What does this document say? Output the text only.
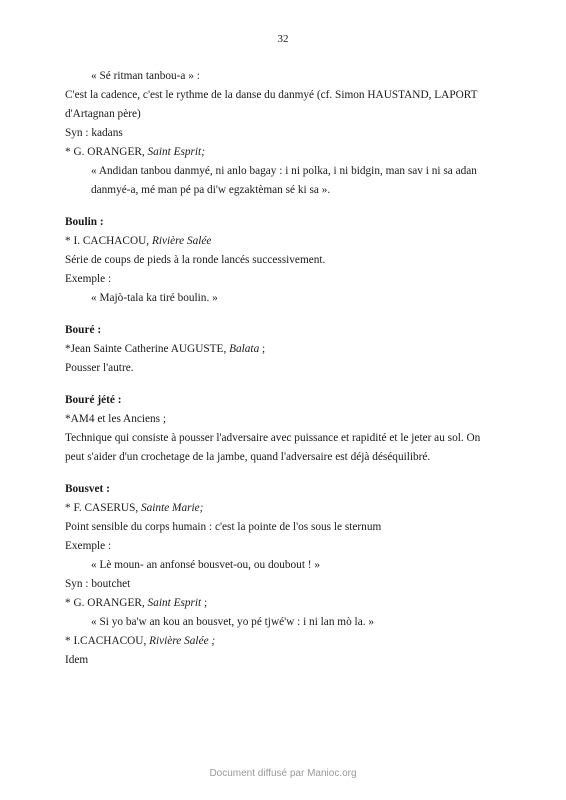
32
« Sé ritman tanbou-a » :
C'est la cadence, c'est le rythme de la danse du danmyé (cf. Simon HAUSTAND, LAPORT
d'Artagnan père)
Syn : kadans
* G. ORANGER, Saint Esprit;
« Andidan tanbou danmyé, ni anlo bagay : i ni polka, i ni bidgin, man sav i ni sa adan
danmyé-a, mé man pé pa di'w egzaktèman sé ki sa ».
Boulin :
* I. CACHACOU, Rivière Salée
Série de coups de pieds à la ronde lancés successivement.
Exemple :
« Majò-tala ka tiré boulin. »
Bouré :
*Jean Sainte Catherine AUGUSTE, Balata ;
Pousser l'autre.
Bouré jété :
*AM4 et les Anciens ;
Technique qui consiste à pousser l'adversaire avec puissance et rapidité et le jeter au sol. On
peut s'aider d'un crochetage de la jambe, quand l'adversaire est déjà déséquilibré.
Bousvet :
* F. CASERUS, Sainte Marie;
Point sensible du corps humain : c'est la pointe de l'os sous le sternum
Exemple :
« Lè moun- an anfonsé bousvet-ou, ou doubout ! »
Syn : boutchet
* G. ORANGER, Saint Esprit ;
« Si yo ba'w an kou an bousvet, yo pé tjwé'w : i ni lan mò la. »
* I.CACHACOU, Rivière Salée ;
Idem
Document diffusé par Manioc.org
